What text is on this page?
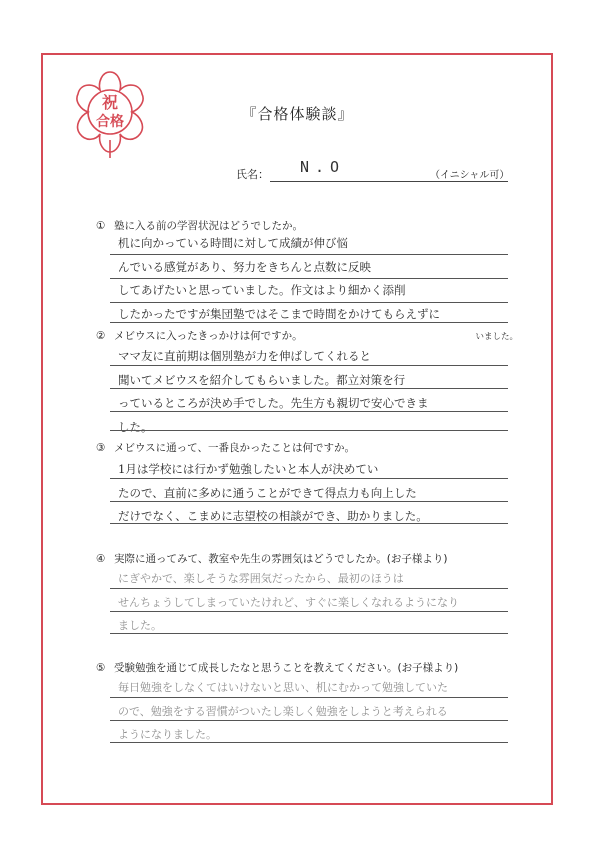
祝
合格	『合格体験談』
氏名： N.O	（イニシャル可）
① 塾に入る前の学習状況はどうでしたか。
机に向かっている時間に対して成績が伸び悩
んでいる感覚があり、努力をきちんと点数に反映
してあげたいと思っていました。作文はより細かく添削
したかったですが集団塾ではそこまで時間をかけてもらえずに
いました。
② メビウスに入ったきっかけは何ですか。
ママ友に直前期は個別塾が力を伸ばしてくれると
聞いてメビウスを紹介してもらいました。都立対策を行
っているところが決め手でした。先生方も親切で安心できま
した。
③ メビウスに通って、一番良かったことは何ですか。
1月は学校には行かず勉強したいと本人が決めてい
たので、直前に多めに通うことができて得点力も向上した
だけでなく、こまめに志望校の相談ができ、助かりました。
④ 実際に通ってみて、教室や先生の雰囲気はどうでしたか。(お子様より)
にぎやかで、楽しそうな雰囲気だったから、最初のほうは
せんちょうしてしまっていたけれど、すぐに楽しくなれるようになり
ました。
⑤ 受験勉強を通じて成長したなと思うことを教えてください。(お子様より)
毎日勉強をしなくてはいけないと思い、机にむかって勉強していた
ので、勉強をする習慣がついたし楽しく勉強をしようと考えられる
ようになりました。
